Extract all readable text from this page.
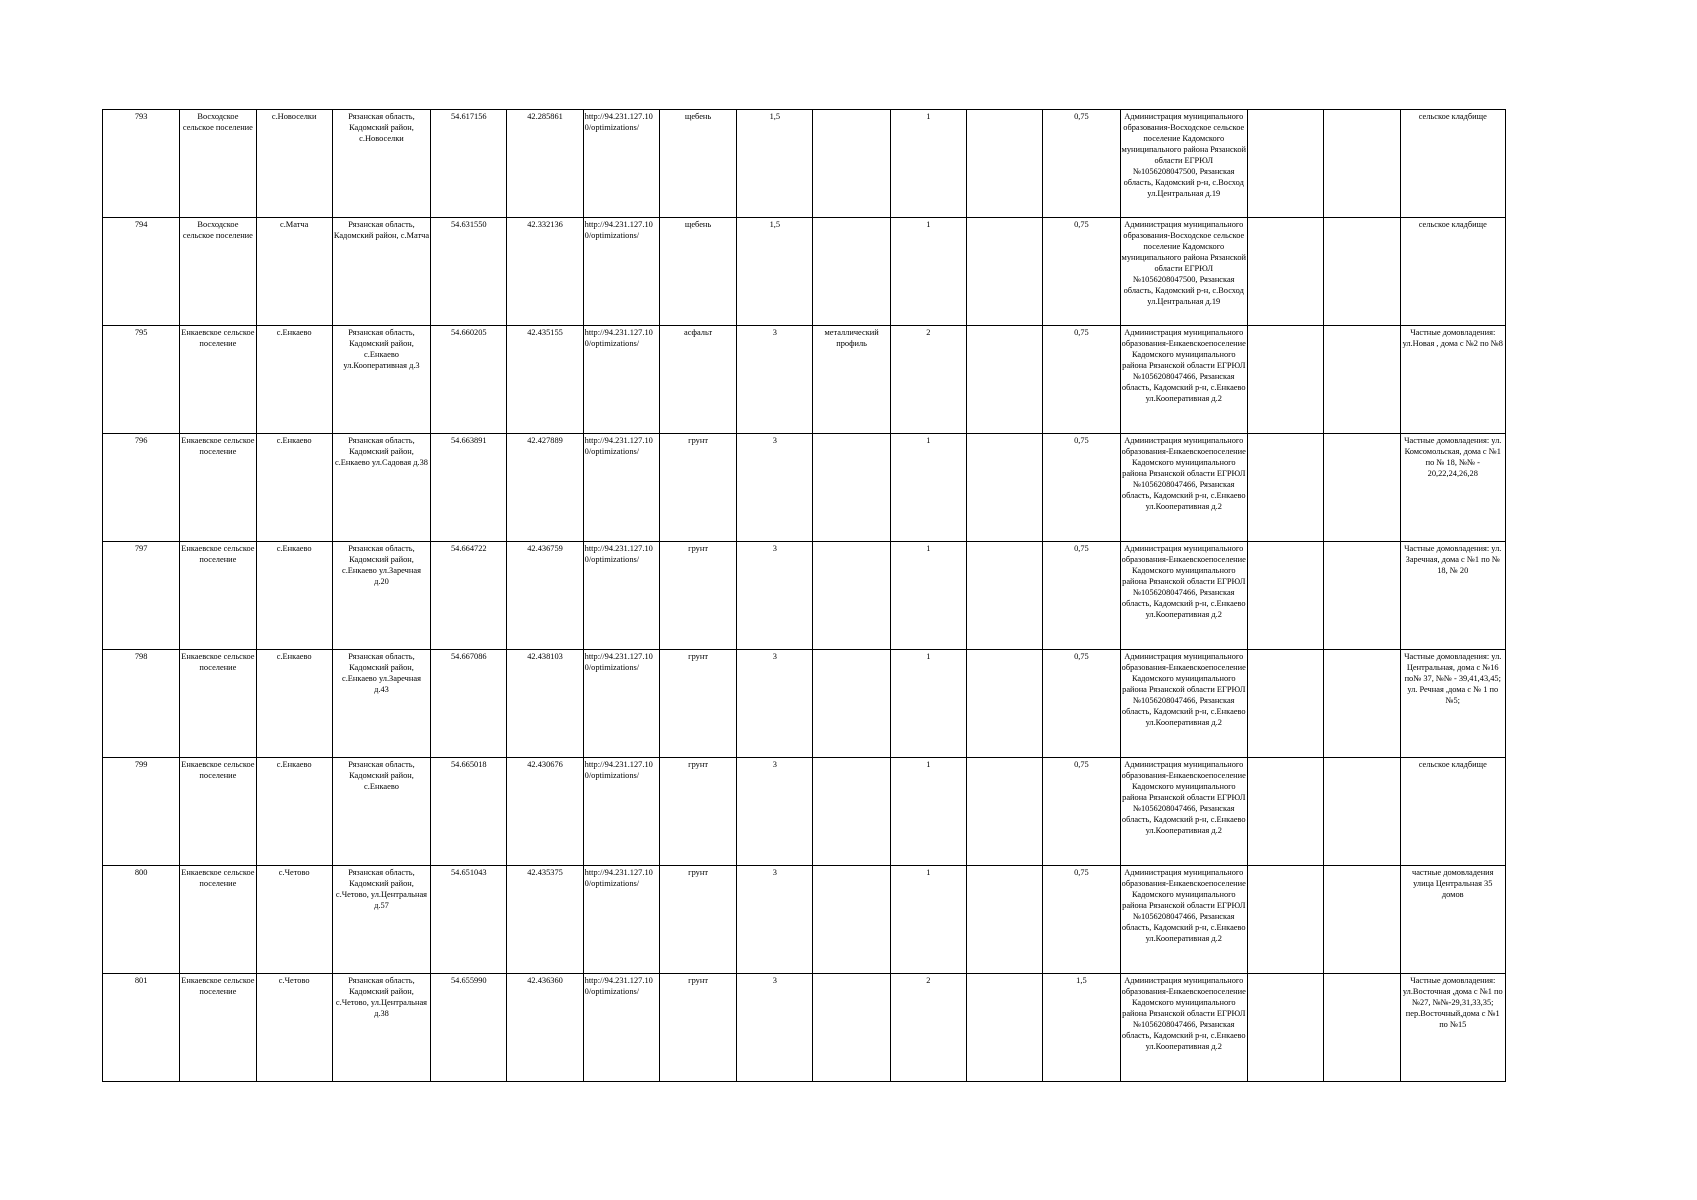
793	Восходское сельское поселение	с.Новоселки	Рязанская область, Кадомский район, с.Новоселки	54.617156	42.285861	http://94.231.127.10 0/optimizations/	щебень	1,5		1		0,75	Администрация муниципального образования-Восходское сельское поселение Кадомского муниципального района Рязанской области ЕГРЮЛ №1056208047500, Рязанская область, Кадомский р-н, с.Восход ул.Центральная д.19			сельское кладбище
794	Восходское сельское поселение	с.Матча	Рязанская область, Кадомский район, с.Матча	54.631550	42.332136	http://94.231.127.10 0/optimizations/	щебень	1,5		1		0,75	Администрация муниципального образования-Восходское сельское поселение Кадомского муниципального района Рязанской области ЕГРЮЛ №1056208047500, Рязанская область, Кадомский р-н, с.Восход ул.Центральная д.19			сельское кладбище
795	Енкаевское сельское поселение	с.Енкаево	Рязанская область, Кадомский район, с.Енкаево ул.Кооперативная д.3	54.660205	42.435155	http://94.231.127.10 0/optimizations/	асфальт	3	металлический профиль	2		0,75	Администрация муниципального образования-Енкаевскоепоселение Кадомского муниципального района Рязанской области ЕГРЮЛ №1056208047466, Рязанская область, Кадомский р-н, с.Енкаево ул.Кооперативная д.2			Частные домовладения: ул.Новая , дома с №2 по №8
796	Енкаевское сельское поселение	с.Енкаево	Рязанская область, Кадомский район, с.Енкаево ул.Садовая д.38	54.663891	42.427889	http://94.231.127.10 0/optimizations/	грунт	3		1		0,75	Администрация муниципального образования-Енкаевскоепоселение Кадомского муниципального района Рязанской области ЕГРЮЛ №1056208047466, Рязанская область, Кадомский р-н, с.Енкаево ул.Кооперативная д.2			Частные домовладения: ул. Комсомольская, дома с №1 по № 18, №№ - 20,22,24,26,28
797	Енкаевское сельское поселение	с.Енкаево	Рязанская область, Кадомский район, с.Енкаево ул.Заречная д.20	54.664722	42.436759	http://94.231.127.10 0/optimizations/	грунт	3		1		0,75	Администрация муниципального образования-Енкаевскоепоселение Кадомского муниципального района Рязанской области ЕГРЮЛ №1056208047466, Рязанская область, Кадомский р-н, с.Енкаево ул.Кооперативная д.2			Частные домовладения: ул. Заречная, дома с №1 по № 18, № 20
798	Енкаевское сельское поселение	с.Енкаево	Рязанская область, Кадомский район, с.Енкаево ул.Заречная д.43	54.667086	42.438103	http://94.231.127.10 0/optimizations/	грунт	3		1		0,75	Администрация муниципального образования-Енкаевскоепоселение Кадомского муниципального района Рязанской области ЕГРЮЛ №1056208047466, Рязанская область, Кадомский р-н, с.Енкаево ул.Кооперативная д.2			Частные домовладения: ул. Центральная, дома с №16 по№ 37, №№ - 39,41,43,45; ул. Речная ,дома с № 1 по №5;
799	Енкаевское сельское поселение	с.Енкаево	Рязанская область, Кадомский район, с.Енкаево	54.665018	42.430676	http://94.231.127.10 0/optimizations/	грунт	3		1		0,75	Администрация муниципального образования-Енкаевскоепоселение Кадомского муниципального района Рязанской области ЕГРЮЛ №1056208047466, Рязанская область, Кадомский р-н, с.Енкаево ул.Кооперативная д.2			сельское кладбище
800	Енкаевское сельское поселение	с.Четово	Рязанская область, Кадомский район, с.Четово, ул.Центральная д.57	54.651043	42.435375	http://94.231.127.10 0/optimizations/	грунт	3		1		0,75	Администрация муниципального образования-Енкаевскоепоселение Кадомского муниципального района Рязанской области ЕГРЮЛ №1056208047466, Рязанская область, Кадомский р-н, с.Енкаево ул.Кооперативная д.2			частные домовладения улица Центральная 35 домов
801	Енкаевское сельское поселение	с.Четово	Рязанская область, Кадомский район, с.Четово, ул.Центральная д.38	54.655990	42.436360	http://94.231.127.10 0/optimizations/	грунт	3		2		1,5	Администрация муниципального образования-Енкаевскоепоселение Кадомского муниципального района Рязанской области ЕГРЮЛ №1056208047466, Рязанская область, Кадомский р-н, с.Енкаево ул.Кооперативная д.2			Частные домовладения: ул.Восточная ,дома с №1 по №27, №№-29,31,33,35; пер.Восточный,дома с №1 по №15
